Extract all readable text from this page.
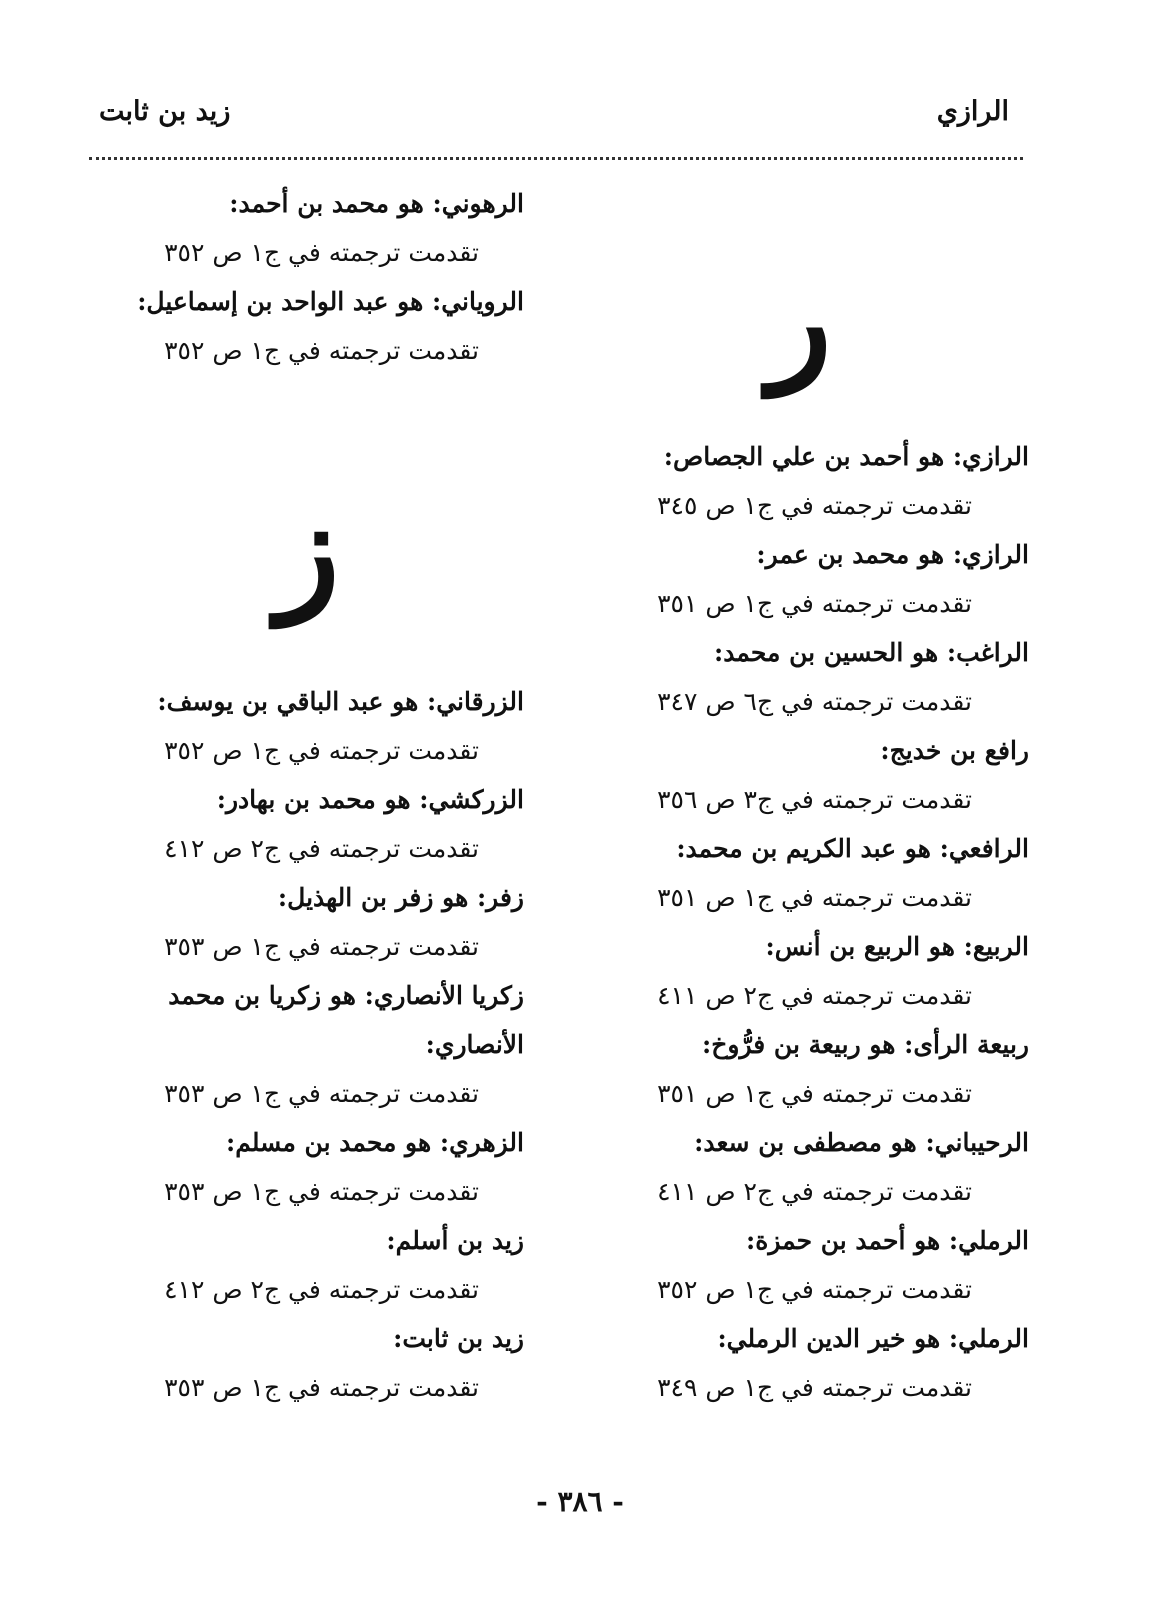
الرازي
زيد بن ثابت
ر
ز
الرهوني: هو محمد بن أحمد:
تقدمت ترجمته في ج١ ص ٣٥٢
الروياني: هو عبد الواحد بن إسماعيل:
تقدمت ترجمته في ج١ ص ٣٥٢
الرازي: هو أحمد بن علي الجصاص:
تقدمت ترجمته في ج١ ص ٣٤٥
الرازي: هو محمد بن عمر:
تقدمت ترجمته في ج١ ص ٣٥١
الراغب: هو الحسين بن محمد:
تقدمت ترجمته في ج٦ ص ٣٤٧
رافع بن خديج:
تقدمت ترجمته في ج٣ ص ٣٥٦
الرافعي: هو عبد الكريم بن محمد:
تقدمت ترجمته في ج١ ص ٣٥١
الربيع: هو الربيع بن أنس:
تقدمت ترجمته في ج٢ ص ٤١١
ربيعة الرأى: هو ربيعة بن فرُّوخ:
تقدمت ترجمته في ج١ ص ٣٥١
الرحيباني: هو مصطفى بن سعد:
تقدمت ترجمته في ج٢ ص ٤١١
الرملي: هو أحمد بن حمزة:
تقدمت ترجمته في ج١ ص ٣٥٢
الرملي: هو خير الدين الرملي:
تقدمت ترجمته في ج١ ص ٣٤٩
الزرقاني: هو عبد الباقي بن يوسف:
تقدمت ترجمته في ج١ ص ٣٥٢
الزركشي: هو محمد بن بهادر:
تقدمت ترجمته في ج٢ ص ٤١٢
زفر: هو زفر بن الهذيل:
تقدمت ترجمته في ج١ ص ٣٥٣
زكريا الأنصاري: هو زكريا بن محمد
الأنصاري:
تقدمت ترجمته في ج١ ص ٣٥٣
الزهري: هو محمد بن مسلم:
تقدمت ترجمته في ج١ ص ٣٥٣
زيد بن أسلم:
تقدمت ترجمته في ج٢ ص ٤١٢
زيد بن ثابت:
تقدمت ترجمته في ج١ ص ٣٥٣
- ٣٨٦ -
